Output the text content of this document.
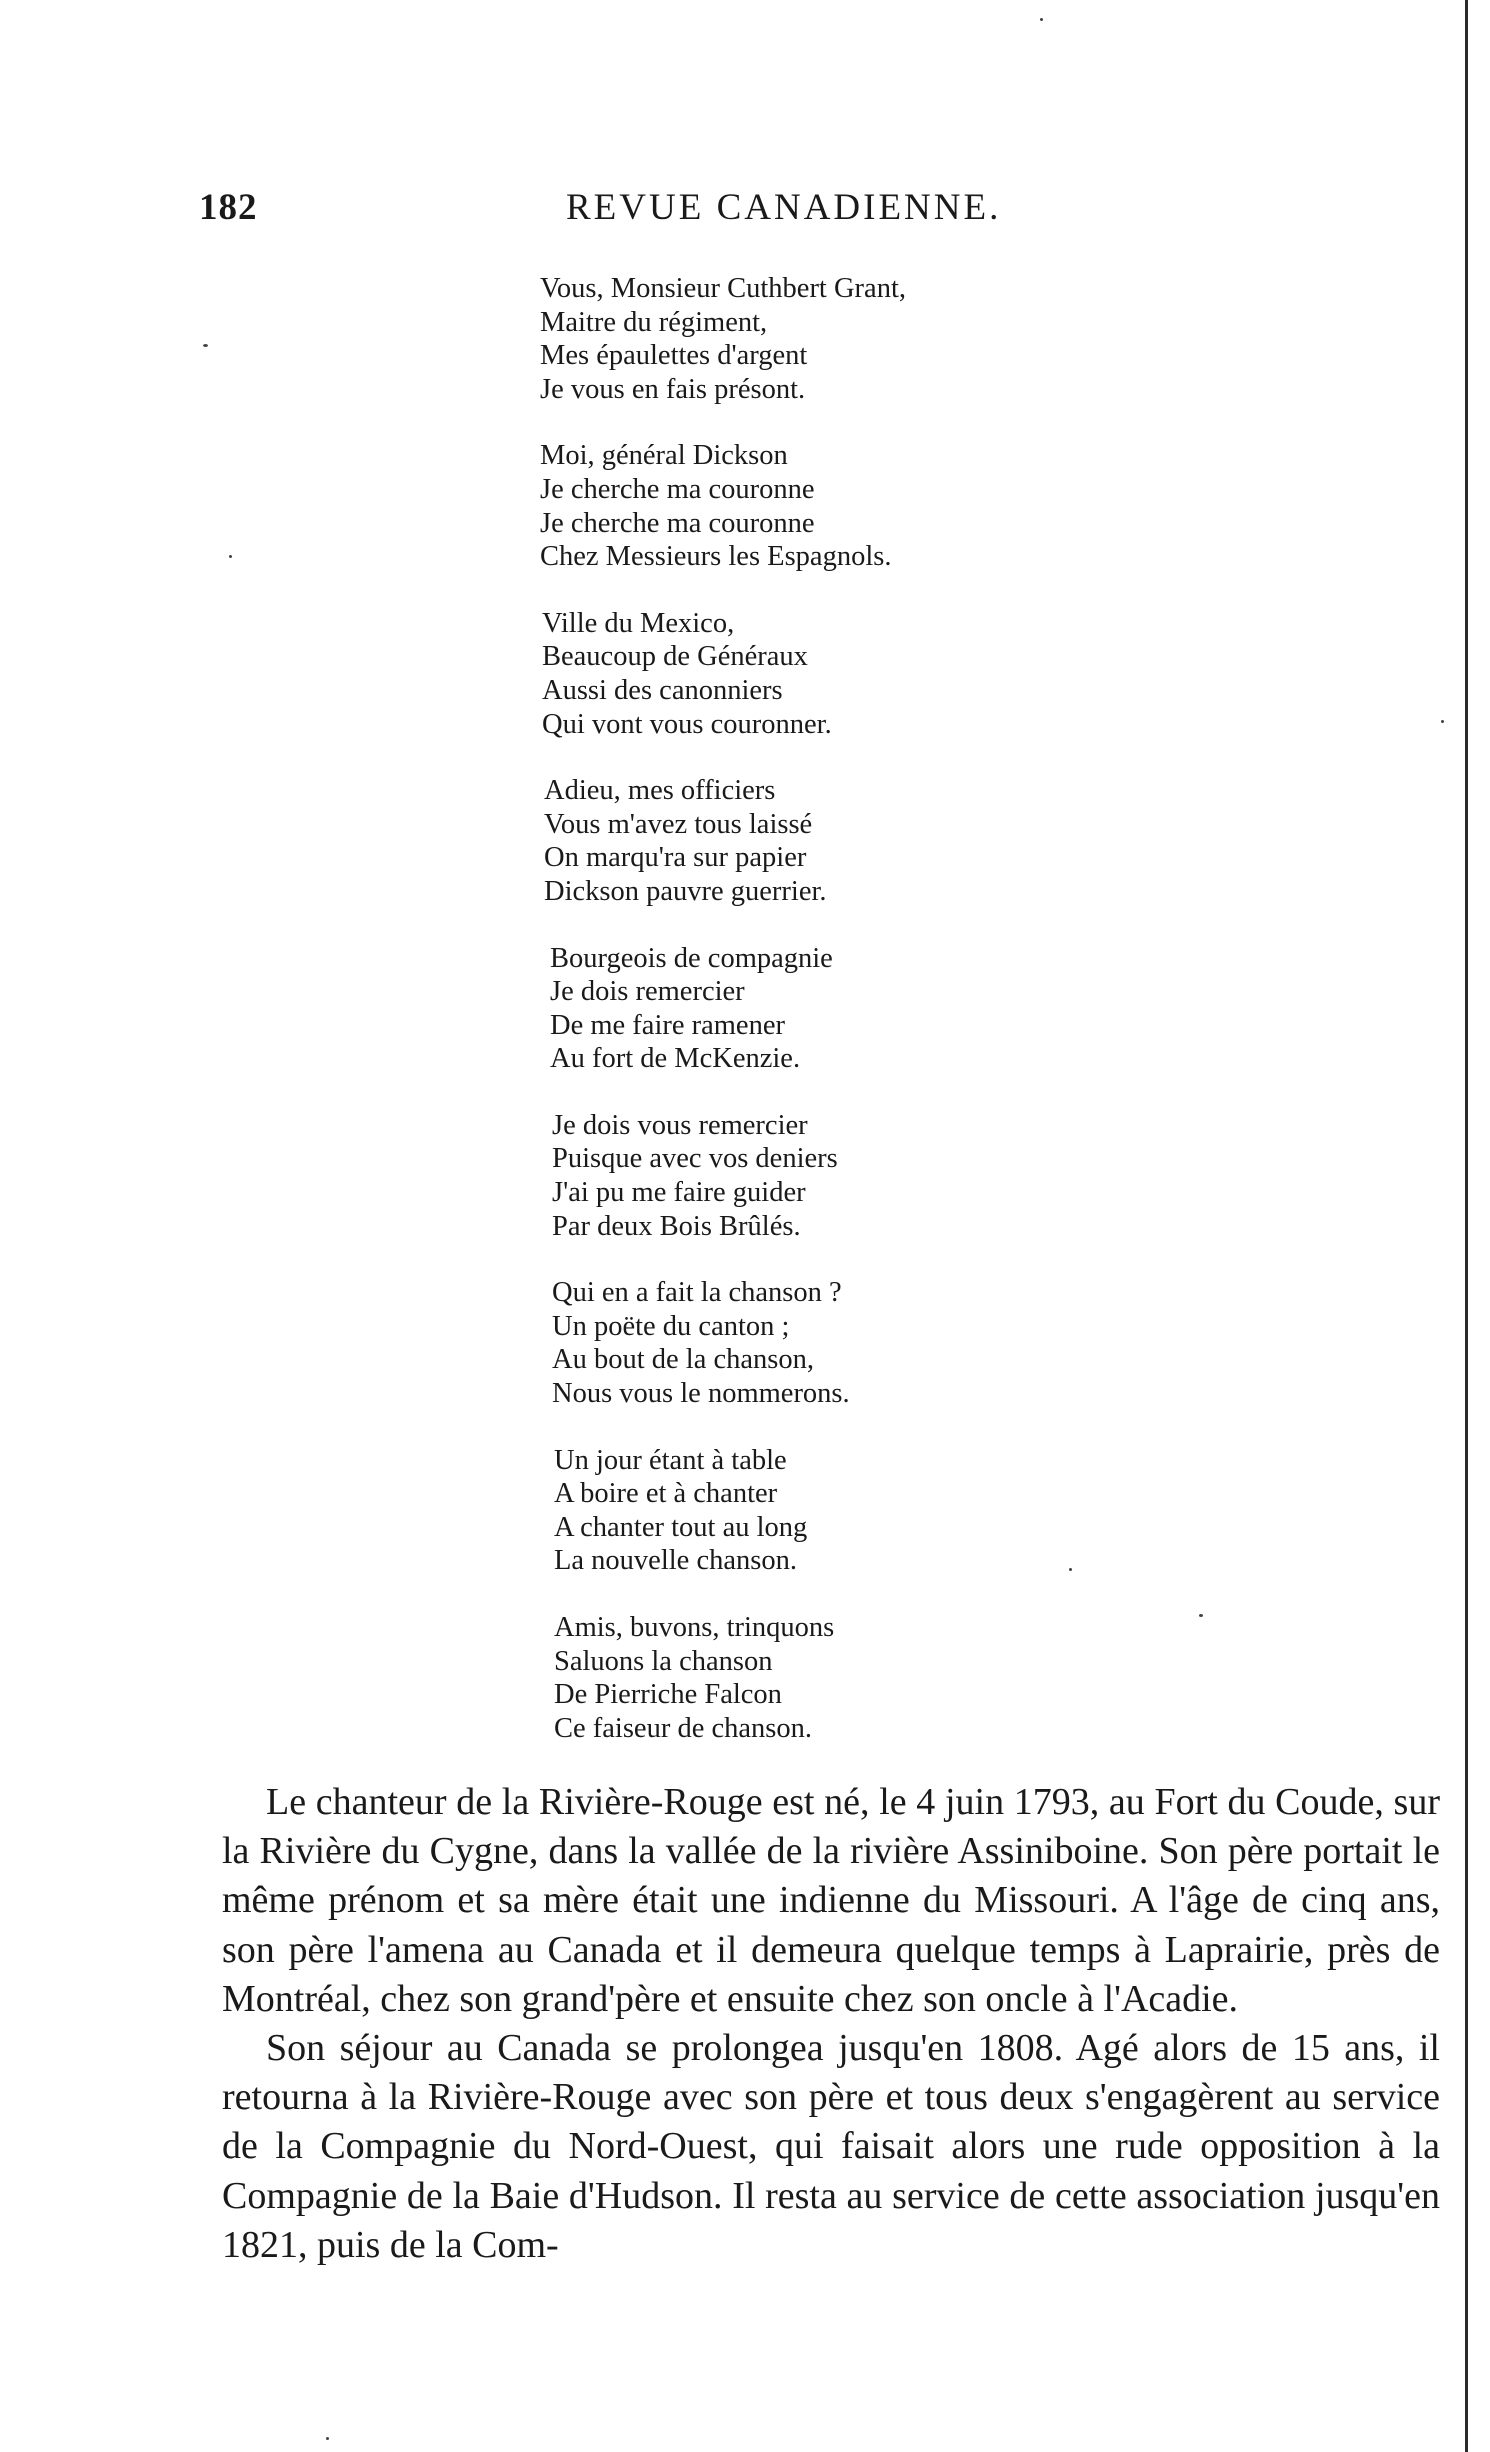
182	REVUE CANADIENNE.
Vous, Monsieur Cuthbert Grant,
Maitre du régiment,
Mes épaulettes d'argent
Je vous en fais présont.
Moi, général Dickson
Je cherche ma couronne
Je cherche ma couronne
Chez Messieurs les Espagnols.
Ville du Mexico,
Beaucoup de Généraux
Aussi des canonniers
Qui vont vous couronner.
Adieu, mes officiers
Vous m'avez tous laissé
On marqu'ra sur papier
Dickson pauvre guerrier.
Bourgeois de compagnie
Je dois remercier
De me faire ramener
Au fort de McKenzie.
Je dois vous remercier
Puisque avec vos deniers
J'ai pu me faire guider
Par deux Bois Brûlés.
Qui en a fait la chanson ?
Un poëte du canton ;
Au bout de la chanson,
Nous vous le nommerons.
Un jour étant à table
A boire et à chanter
A chanter tout au long
La nouvelle chanson.
Amis, buvons, trinquons
Saluons la chanson
De Pierriche Falcon
Ce faiseur de chanson.

Le chanteur de la Rivière-Rouge est né, le 4 juin 1793, au Fort du Coude, sur la Rivière du Cygne, dans la vallée de la rivière Assiniboine. Son père portait le même prénom et sa mère était une indienne du Missouri. A l'âge de cinq ans, son père l'amena au Canada et il demeura quelque temps à Laprairie, près de Montréal, chez son grand'père et ensuite chez son oncle à l'Acadie.

Son séjour au Canada se prolongea jusqu'en 1808. Agé alors de 15 ans, il retourna à la Rivière-Rouge avec son père et tous deux s'engagèrent au service de la Compagnie du Nord-Ouest, qui faisait alors une rude opposition à la Compagnie de la Baie d'Hudson. Il resta au service de cette association jusqu'en 1821, puis de la Com-
